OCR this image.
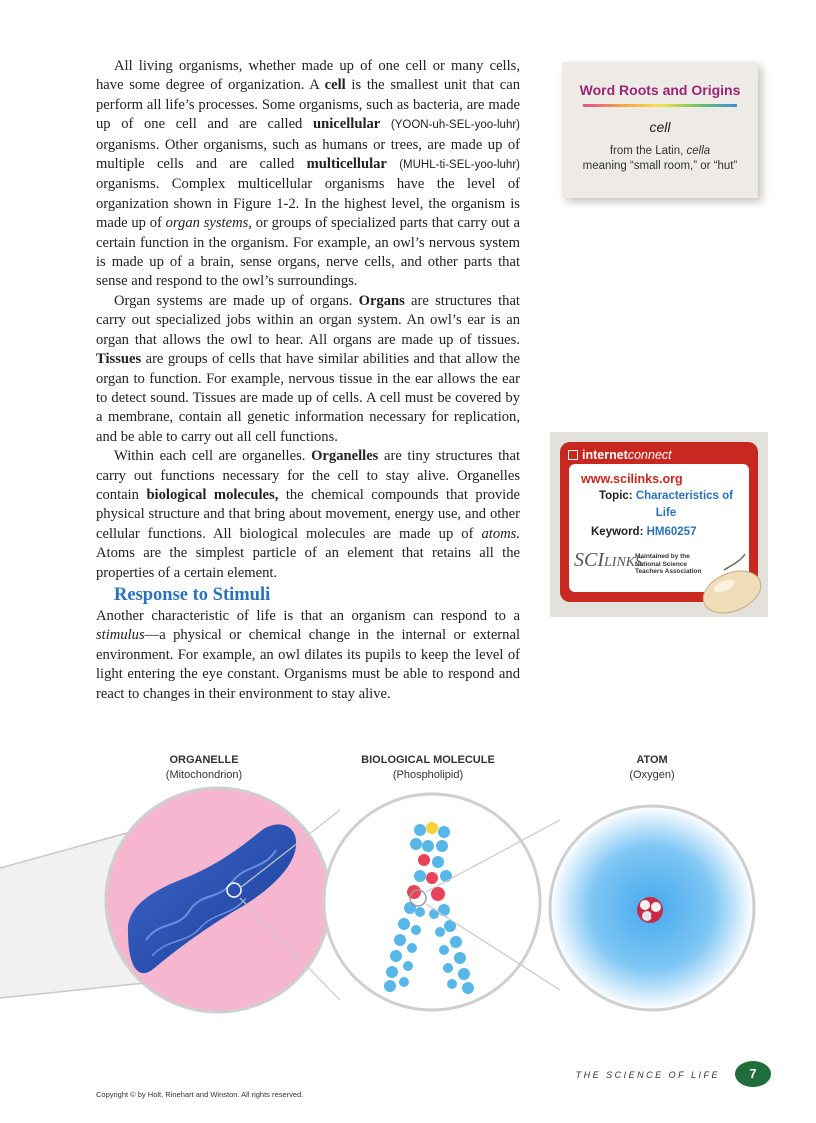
All living organisms, whether made up of one cell or many cells, have some degree of organization. A cell is the smallest unit that can perform all life’s processes. Some organisms, such as bacteria, are made up of one cell and are called unicellular (YOON-uh-SEL-yoo-luhr) organisms. Other organisms, such as humans or trees, are made up of multiple cells and are called multicellular (MUHL-ti-SEL-yoo-luhr) organisms. Complex multicellular organisms have the level of organization shown in Figure 1-2. In the highest level, the organism is made up of organ systems, or groups of specialized parts that carry out a certain function in the organism. For example, an owl’s nervous system is made up of a brain, sense organs, nerve cells, and other parts that sense and respond to the owl’s surroundings.

Organ systems are made up of organs. Organs are structures that carry out specialized jobs within an organ system. An owl’s ear is an organ that allows the owl to hear. All organs are made up of tissues. Tissues are groups of cells that have similar abilities and that allow the organ to function. For example, nervous tissue in the ear allows the ear to detect sound. Tissues are made up of cells. A cell must be covered by a membrane, contain all genetic information necessary for replication, and be able to carry out all cell functions.

Within each cell are organelles. Organelles are tiny structures that carry out functions necessary for the cell to stay alive. Organelles contain biological molecules, the chemical compounds that provide physical structure and that bring about movement, energy use, and other cellular functions. All biological molecules are made up of atoms. Atoms are the simplest particle of an element that retains all the properties of a certain element.

Response to Stimuli

Another characteristic of life is that an organism can respond to a stimulus—a physical or chemical change in the internal or external environment. For example, an owl dilates its pupils to keep the level of light entering the eye constant. Organisms must be able to respond and react to changes in their environment to stay alive.

Word Roots and Origins
cell
from the Latin, cella
meaning “small room,” or “hut”
internetconnect
www.scilinks.org
Topic: Characteristics of Life
Keyword: HM60257
SCILINKS
Maintained by the
National Science
Teachers Association
ORGANELLE
(Mitochondrion)
BIOLOGICAL MOLECULE
(Phospholipid)
ATOM
(Oxygen)
THE SCIENCE OF LIFE	7
Copyright © by Holt, Rinehart and Winston. All rights reserved.
